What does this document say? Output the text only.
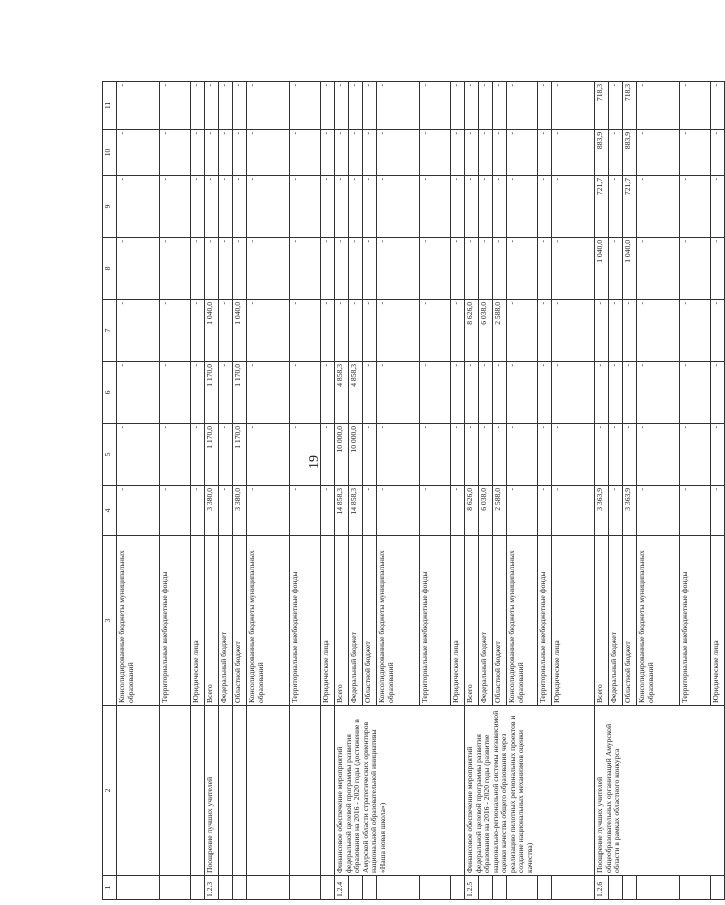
19
1	2	3	4	5	6	7	8	9	10	11
		Консолидированные бюджеты муниципальных образований	-	-	-	-	-	-	-	-
		Территориальные внебюджетные фонды	-	-	-	-	-	-	-	-
		Юридические лица	-	-	-	-	-	-	-	-
1.2.3	Поощрение лучших учителей	Всего	3 380,0	1 170,0	1 170,0	1 040,0	-	-	-	-
		Федеральный бюджет	-	-	-	-	-	-	-	-
		Областной бюджет	3 380,0	1 170,0	1 170,0	1 040,0	-	-	-	-
		Консолидированные бюджеты муниципальных образований	-	-	-	-	-	-	-	-
		Территориальные внебюджетные фонды	-	-	-	-	-	-	-	-
		Юридические лица	-	-	-	-	-	-	-	-
1.2.4	Финансовое обеспечение мероприятий федеральной целевой программы развития образования на 2016 - 2020 годы (достижение в Амурской области стратегических ориентиров национальной образовательной инициативы «Наша новая школа»)	Всего	14 858,3	10 000,0	4 858,3	-	-	-	-	-
		Федеральный бюджет	14 858,3	10 000,0	4 858,3	-	-	-	-	-
		Областной бюджет	-	-	-	-	-	-	-	-
		Консолидированные бюджеты муниципальных образований	-	-	-	-	-	-	-	-
		Территориальные внебюджетные фонды	-	-	-	-	-	-	-	-
		Юридические лица	-	-	-	-	-	-	-	-
1.2.5	Финансовое обеспечение мероприятий федеральной целевой программы развития образования на 2016 - 2020 годы (развитие национально-региональной системы независимой оценки качества общего образования через реализацию пилотных региональных проектов и создание национальных механизмов оценки качества)	Всего	8 626,0	-	-	8 626,0	-	-	-	-
		Федеральный бюджет	6 038,0	-	-	6 038,0	-	-	-	-
		Областной бюджет	2 588,0	-	-	2 588,0	-	-	-	-
		Консолидированные бюджеты муниципальных образований	-	-	-	-	-	-	-	-
		Территориальные внебюджетные фонды	-	-	-	-	-	-	-	-
		Юридические лица	-	-	-	-	-	-	-	-
1.2.6	Поощрение лучших учителей общеобразовательных организаций Амурской области в рамках областного конкурса	Всего	3 363,9	-	-	-	1 040,0	721,7	883,9	718,3
		Федеральный бюджет	-	-	-	-	-	-	-	-
		Областной бюджет	3 363,9	-	-	-	1 040,0	721,7	883,9	718,3
		Консолидированные бюджеты муниципальных образований	-	-	-	-	-	-	-	-
		Территориальные внебюджетные фонды	-	-	-	-	-	-	-	-
		Юридические лица	-	-	-	-	-	-	-	-
